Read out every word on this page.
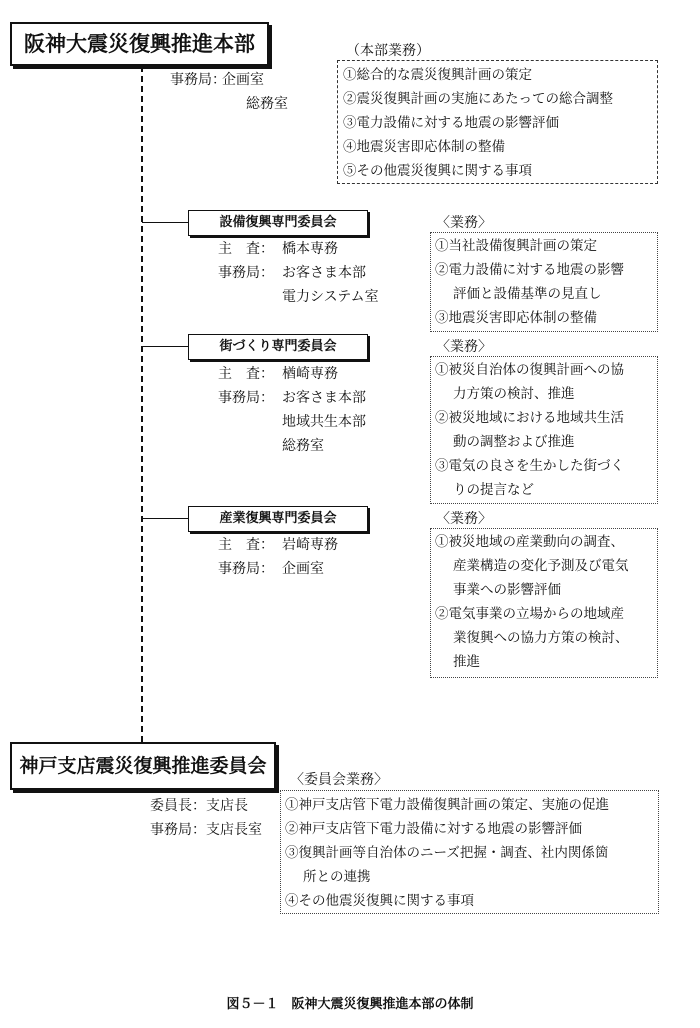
阪神大震災復興推進本部
事務局：
企画室
総務室
（本部業務）
①総合的な震災復興計画の策定
②震災復興計画の実施にあたっての総合調整
③電力設備に対する地震の影響評価
④地震災害即応体制の整備
⑤その他震災復興に関する事項
設備復興専門委員会
主　査： 橋本専務
事務局： お客さま本部
電力システム室
〈業務〉
①当社設備復興計画の策定
②電力設備に対する地震の影響
評価と設備基準の見直し
③地震災害即応体制の整備
街づくり専門委員会
主　査： 楢崎専務
事務局： お客さま本部
地域共生本部
総務室
〈業務〉
①被災自治体の復興計画への協
力方策の検討、推進
②被災地域における地域共生活
動の調整および推進
③電気の良さを生かした街づく
りの提言など
産業復興専門委員会
主　査： 岩崎専務
事務局： 企画室
〈業務〉
①被災地域の産業動向の調査、
産業構造の変化予測及び電気
事業への影響評価
②電気事業の立場からの地域産
業復興への協力方策の検討、
推進
神戸支店震災復興推進委員会
〈委員会業務〉
委員長： 支店長
事務局： 支店長室
①神戸支店管下電力設備復興計画の策定、実施の促進
②神戸支店管下電力設備に対する地震の影響評価
③復興計画等自治体のニーズ把握・調査、社内関係箇
所との連携
④その他震災復興に関する事項
図５－１　阪神大震災復興推進本部の体制
